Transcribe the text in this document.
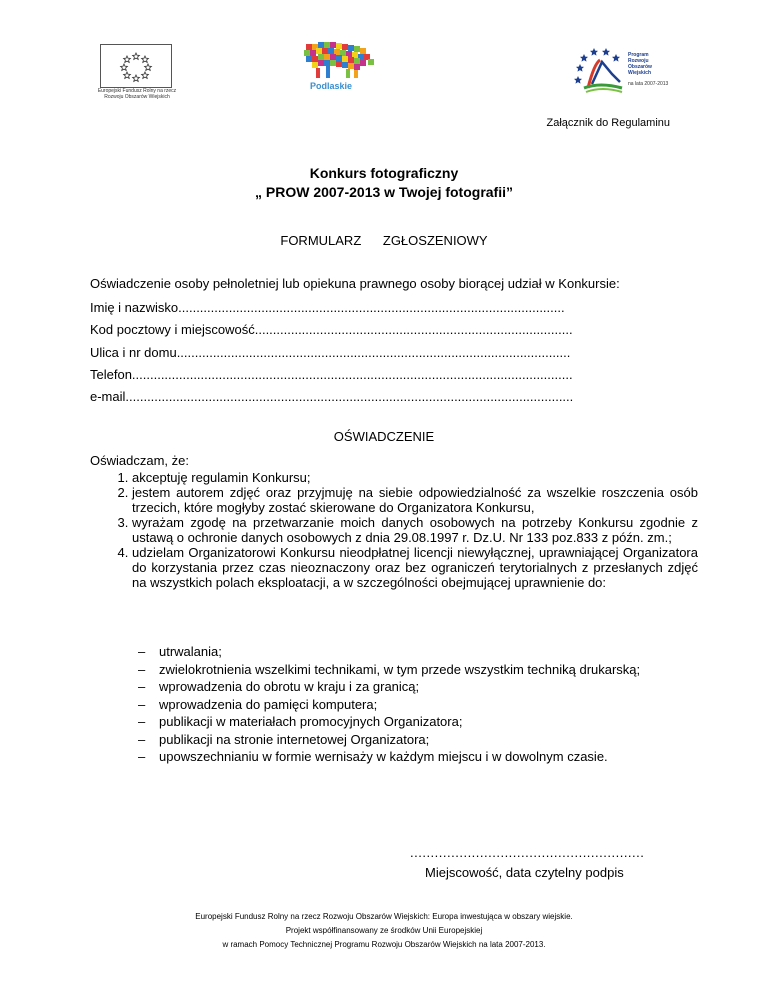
Europejski Fundusz Rolny na rzecz Rozwoju Obszarów Wiejskich
Podlaskie
Program Rozwoju Obszarów Wiejskich
na lata 2007-2013
Załącznik do Regulaminu
Konkurs fotograficzny
„ PROW 2007-2013 w Twojej fotografii”
FORMULARZ ZGŁOSZENIOWY
Oświadczenie osoby pełnoletniej lub opiekuna prawnego osoby biorącej udział w Konkursie:
Imię i nazwisko...........................................................................................................
Kod pocztowy i miejscowość........................................................................................
Ulica i nr domu.............................................................................................................
Telefon..........................................................................................................................
e-mail............................................................................................................................
OŚWIADCZENIE
Oświadczam, że:
1. akceptuję regulamin Konkursu;
2. jestem autorem zdjęć oraz przyjmuję na siebie odpowiedzialność za wszelkie roszczenia osób trzecich, które mogłyby zostać skierowane do Organizatora Konkursu,
3. wyrażam zgodę na przetwarzanie moich danych osobowych na potrzeby Konkursu zgodnie z ustawą o ochronie danych osobowych z dnia 29.08.1997 r. Dz.U. Nr 133 poz.833 z późn. zm.;
4. udzielam Organizatorowi Konkursu nieodpłatnej licencji niewyłącznej, uprawniającej Organizatora do korzystania przez czas nieoznaczony oraz bez ograniczeń terytorialnych z przesłanych zdjęć na wszystkich polach eksploatacji, a w szczególności obejmującej uprawnienie do:
– utrwalania;
– zwielokrotnienia wszelkimi technikami, w tym przede wszystkim techniką drukarską;
– wprowadzenia do obrotu w kraju i za granicą;
– wprowadzenia do pamięci komputera;
– publikacji w materiałach promocyjnych Organizatora;
– publikacji na stronie internetowej Organizatora;
– upowszechnianiu w formie wernisaży w każdym miejscu i w dowolnym czasie.
.........................................................
Miejscowość, data czytelny podpis
Europejski Fundusz Rolny na rzecz Rozwoju Obszarów Wiejskich: Europa inwestująca w obszary wiejskie.
Projekt współfinansowany ze środków Unii Europejskiej
w ramach Pomocy Technicznej Programu Rozwoju Obszarów Wiejskich na lata 2007-2013.
